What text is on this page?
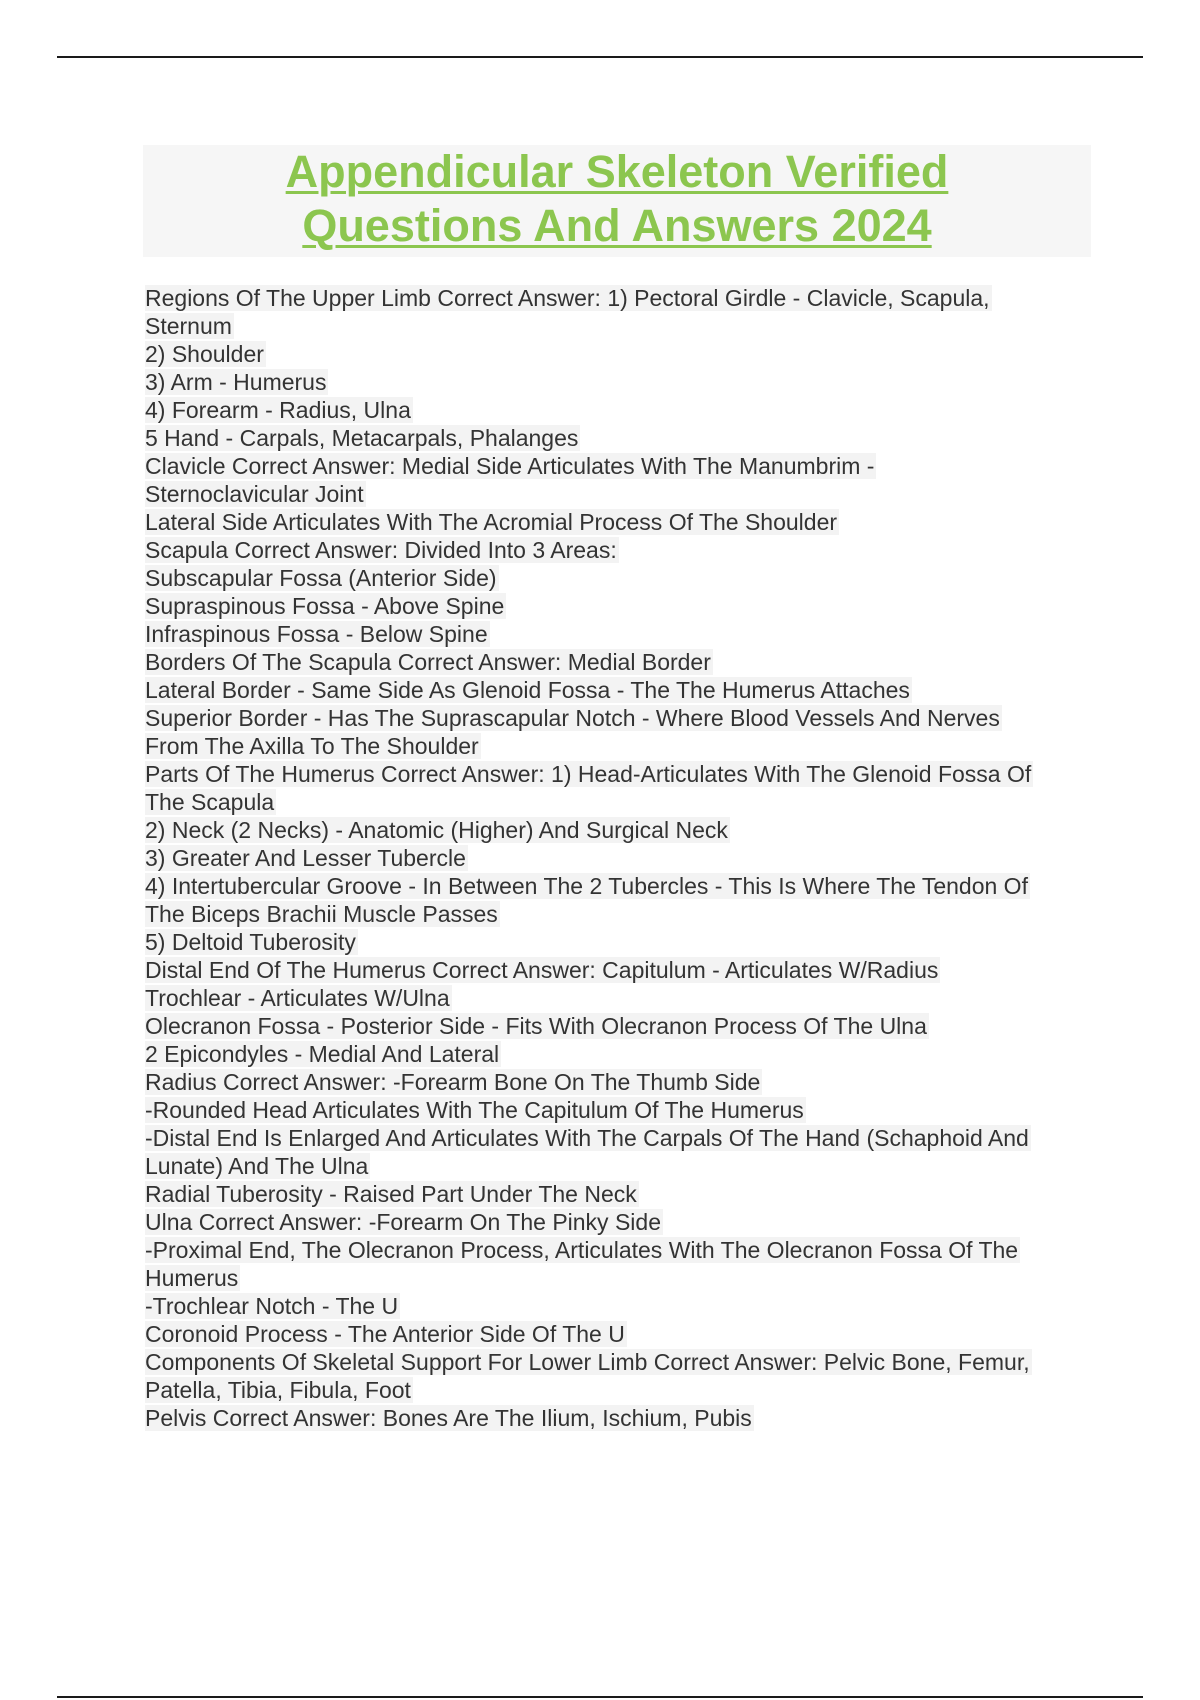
Appendicular Skeleton Verified
Questions And Answers 2024
Regions Of The Upper Limb Correct Answer: 1) Pectoral Girdle - Clavicle, Scapula,
Sternum
2) Shoulder
3) Arm - Humerus
4) Forearm - Radius, Ulna
5 Hand - Carpals, Metacarpals, Phalanges
Clavicle Correct Answer: Medial Side Articulates With The Manumbrim -
Sternoclavicular Joint
Lateral Side Articulates With The Acromial Process Of The Shoulder
Scapula Correct Answer: Divided Into 3 Areas:
Subscapular Fossa (Anterior Side)
Supraspinous Fossa - Above Spine
Infraspinous Fossa - Below Spine
Borders Of The Scapula Correct Answer: Medial Border
Lateral Border - Same Side As Glenoid Fossa - The The Humerus Attaches
Superior Border - Has The Suprascapular Notch - Where Blood Vessels And Nerves
From The Axilla To The Shoulder
Parts Of The Humerus Correct Answer: 1) Head-Articulates With The Glenoid Fossa Of
The Scapula
2) Neck (2 Necks) - Anatomic (Higher) And Surgical Neck
3) Greater And Lesser Tubercle
4) Intertubercular Groove - In Between The 2 Tubercles - This Is Where The Tendon Of
The Biceps Brachii Muscle Passes
5) Deltoid Tuberosity
Distal End Of The Humerus Correct Answer: Capitulum - Articulates W/Radius
Trochlear - Articulates W/Ulna
Olecranon Fossa - Posterior Side - Fits With Olecranon Process Of The Ulna
2 Epicondyles - Medial And Lateral
Radius Correct Answer: -Forearm Bone On The Thumb Side
-Rounded Head Articulates With The Capitulum Of The Humerus
-Distal End Is Enlarged And Articulates With The Carpals Of The Hand (Schaphoid And
Lunate) And The Ulna
Radial Tuberosity - Raised Part Under The Neck
Ulna Correct Answer: -Forearm On The Pinky Side
-Proximal End, The Olecranon Process, Articulates With The Olecranon Fossa Of The
Humerus
-Trochlear Notch - The U
Coronoid Process - The Anterior Side Of The U
Components Of Skeletal Support For Lower Limb Correct Answer: Pelvic Bone, Femur,
Patella, Tibia, Fibula, Foot
Pelvis Correct Answer: Bones Are The Ilium, Ischium, Pubis
